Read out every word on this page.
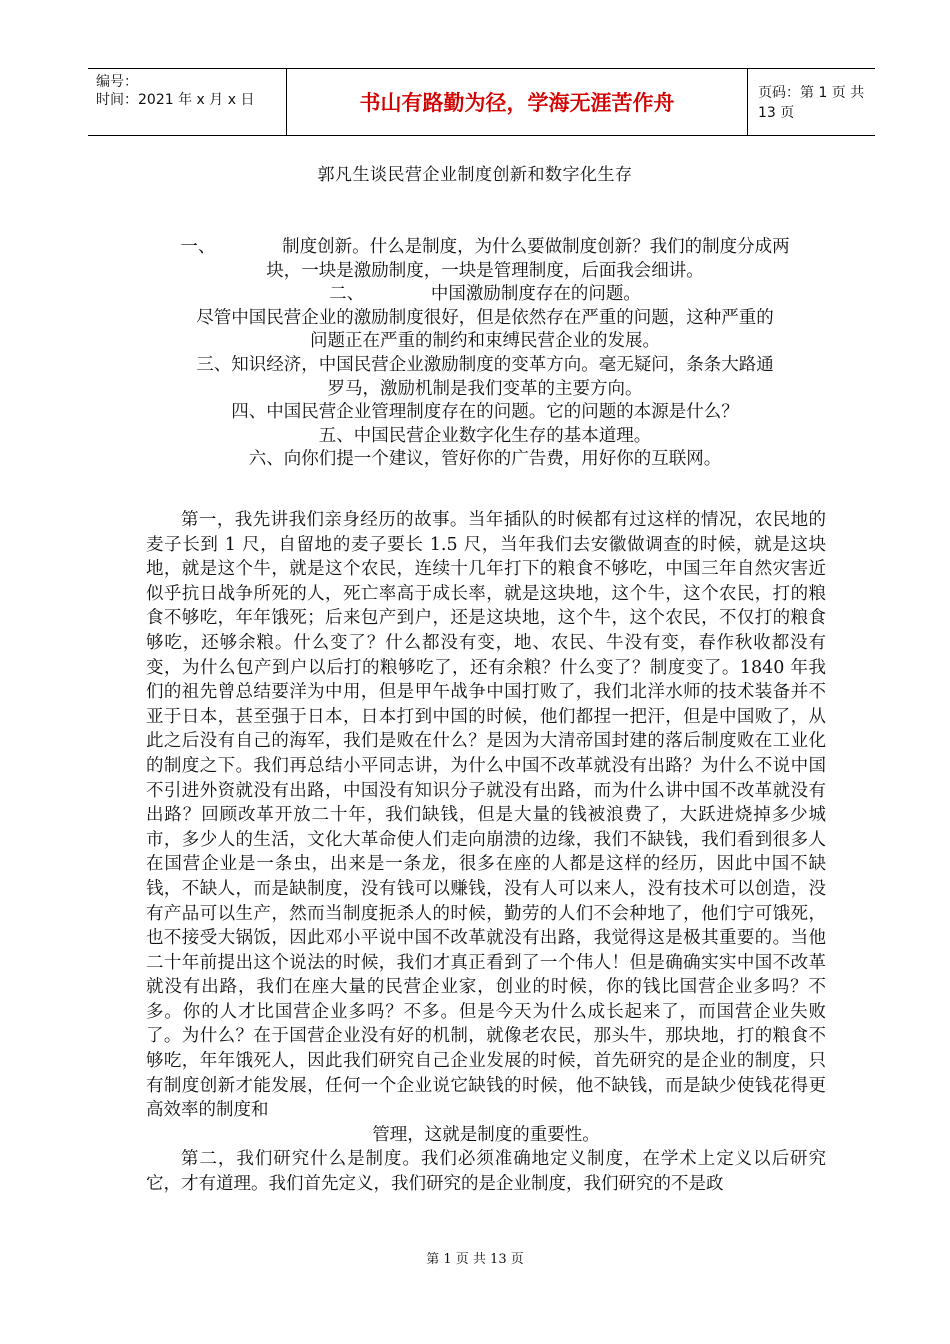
编号：
时间：2021 年 x 月 x 日	书山有路勤为径，学海无涯苦作舟	页码：第 1 页 共 13 页
郭凡生谈民营企业制度创新和数字化生存

一、            制度创新。什么是制度，为什么要做制度创新？我们的制度分成两

块，一块是激励制度，一块是管理制度，后面我会细讲。

二、            中国激励制度存在的问题。

尽管中国民营企业的激励制度很好，但是依然存在严重的问题，这种严重的

问题正在严重的制约和束缚民营企业的发展。

三、知识经济，中国民营企业激励制度的变革方向。毫无疑问，条条大路通

罗马，激励机制是我们变革的主要方向。

四、中国民营企业管理制度存在的问题。它的问题的本源是什么？

五、中国民营企业数字化生存的基本道理。

六、向你们提一个建议，管好你的广告费，用好你的互联网。

第一，我先讲我们亲身经历的故事。当年插队的时候都有过这样的情况，农民地的麦子长到 1 尺，自留地的麦子要长 1.5 尺，当年我们去安徽做调查的时候，就是这块地，就是这个牛，就是这个农民，连续十几年打下的粮食不够吃，中国三年自然灾害近似乎抗日战争所死的人，死亡率高于成长率，就是这块地，这个牛，这个农民，打的粮食不够吃，年年饿死；后来包产到户，还是这块地，这个牛，这个农民，不仅打的粮食够吃，还够余粮。什么变了？什么都没有变，地、农民、牛没有变，春作秋收都没有变，为什么包产到户以后打的粮够吃了，还有余粮？什么变了？制度变了。1840 年我们的祖先曾总结要洋为中用，但是甲午战争中国打败了，我们北洋水师的技术装备并不亚于日本，甚至强于日本，日本打到中国的时候，他们都捏一把汗，但是中国败了，从此之后没有自己的海军，我们是败在什么？是因为大清帝国封建的落后制度败在工业化的制度之下。我们再总结小平同志讲，为什么中国不改革就没有出路？为什么不说中国不引进外资就没有出路，中国没有知识分子就没有出路，而为什么讲中国不改革就没有出路？回顾改革开放二十年，我们缺钱，但是大量的钱被浪费了，大跃进烧掉多少城市，多少人的生活，文化大革命使人们走向崩溃的边缘，我们不缺钱，我们看到很多人在国营企业是一条虫，出来是一条龙，很多在座的人都是这样的经历，因此中国不缺钱，不缺人，而是缺制度，没有钱可以赚钱，没有人可以来人，没有技术可以创造，没有产品可以生产，然而当制度扼杀人的时候，勤劳的人们不会种地了，他们宁可饿死，也不接受大锅饭，因此邓小平说中国不改革就没有出路，我觉得这是极其重要的。当他二十年前提出这个说法的时候，我们才真正看到了一个伟人！但是确确实实中国不改革就没有出路，我们在座大量的民营企业家，创业的时候，你的钱比国营企业多吗？不多。你的人才比国营企业多吗？不多。但是今天为什么成长起来了，而国营企业失败了。为什么？在于国营企业没有好的机制，就像老农民，那头牛，那块地，打的粮食不够吃，年年饿死人，因此我们研究自己企业发展的时候，首先研究的是企业的制度，只有制度创新才能发展，任何一个企业说它缺钱的时候，他不缺钱，而是缺少使钱花得更高效率的制度和

管理，这就是制度的重要性。

第二，我们研究什么是制度。我们必须准确地定义制度，在学术上定义以后研究它，才有道理。我们首先定义，我们研究的是企业制度，我们研究的不是政

第 1 页 共 13 页
